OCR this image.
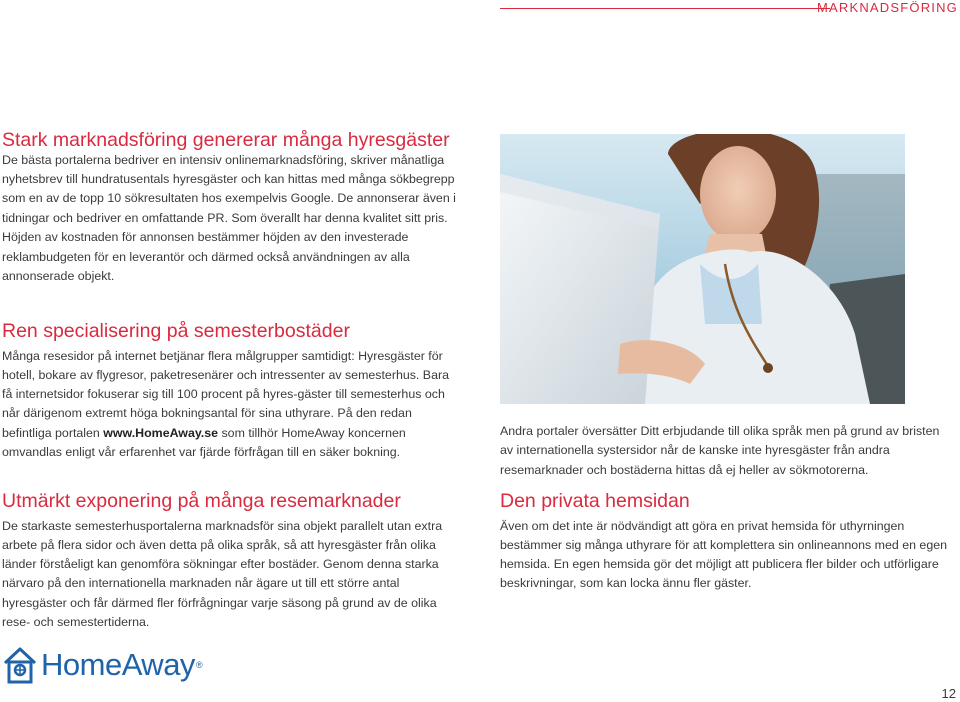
MARKNADSFÖRING
Stark marknadsföring genererar många hyresgäster

De bästa portalerna bedriver en intensiv onlinemarknadsföring, skriver månatliga nyhetsbrev till hundratusentals hyresgäster och kan hittas med många sökbegrepp som en av de topp 10 sökresultaten hos exempelvis Google. De annonserar även i tidningar och bedriver en omfattande PR. Som överallt har denna kvalitet sitt pris. Höjden av kostnaden för annonsen bestämmer höjden av den investerade reklambudgeten för en leverantör och därmed också användningen av alla annonserade objekt.

Ren specialisering på semesterbostäder

Många resesidor på internet betjänar flera målgrupper samtidigt: Hyresgäster för hotell, bokare av flygresor, paketresenärer och intressenter av semesterhus. Bara få internetsidor fokuserar sig till 100 procent på hyres-gäster till semesterhus och når därigenom extremt höga bokningsantal för sina uthyrare. På den redan befintliga portalen www.HomeAway.se som tillhör HomeAway koncernen omvandlas enligt vår erfarenhet var fjärde förfrågan till en säker bokning.

Utmärkt exponering på många resemarknader

De starkaste semesterhusportalerna marknadsför sina objekt parallelt utan extra arbete på flera sidor och även detta på olika språk, så att hyresgäster från olika länder förståeligt kan genomföra sökningar efter bostäder. Genom denna starka närvaro på den internationella marknaden når ägare ut till ett större antal hyresgäster och får därmed fler förfrågningar varje säsong på grund av de olika rese- och semestertiderna.

Andra portaler översätter Ditt erbjudande till olika språk men på grund av bristen av internationella systersidor når de kanske inte hyresgäster från andra resemarknader och bostäderna hittas då ej heller av sökmotorerna.

Den privata hemsidan

Även om det inte är nödvändigt att göra en privat hemsida för uthyrningen bestämmer sig många uthyrare för att komplettera sin onlineannons med en egen hemsida. En egen hemsida gör det möjligt att publicera fler bilder och utförligare beskrivningar, som kan locka ännu fler gäster.

HomeAway®
12
